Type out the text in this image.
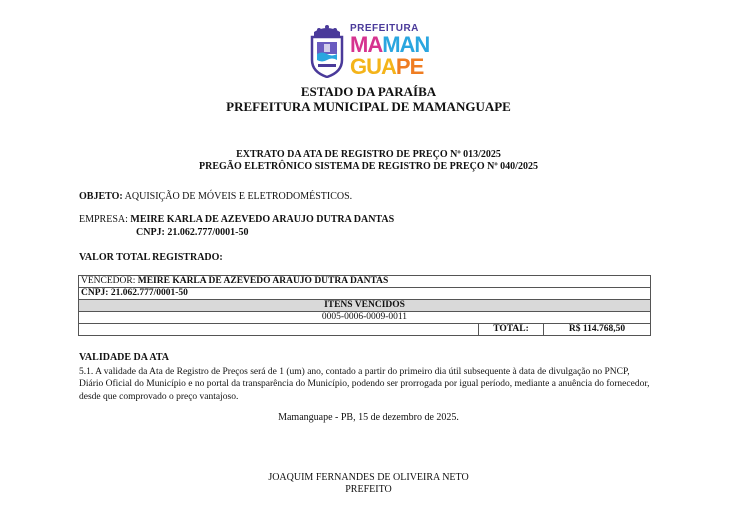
PREFEITURA
MAMAN
GUAPE
ESTADO DA PARAÍBA
PREFEITURA MUNICIPAL DE MAMANGUAPE
EXTRATO DA ATA DE REGISTRO DE PREÇO Nº 013/2025
PREGÃO ELETRÔNICO SISTEMA DE REGISTRO DE PREÇO Nº 040/2025
OBJETO: AQUISIÇÃO DE MÓVEIS E ELETRODOMÉSTICOS.
EMPRESA: MEIRE KARLA DE AZEVEDO ARAUJO DUTRA DANTAS
CNPJ: 21.062.777/0001-50
VALOR TOTAL REGISTRADO:
VENCEDOR: MEIRE KARLA DE AZEVEDO ARAUJO DUTRA DANTAS
CNPJ: 21.062.777/0001-50
ITENS VENCIDOS
0005-0006-0009-0011
	TOTAL:	R$ 114.768,50
VALIDADE DA ATA
5.1. A validade da Ata de Registro de Preços será de 1 (um) ano, contado a partir do primeiro dia útil subsequente à data de divulgação no PNCP, Diário Oficial do Município e no portal da transparência do Município, podendo ser prorrogada por igual período, mediante a anuência do fornecedor, desde que comprovado o preço vantajoso.
Mamanguape - PB, 15 de dezembro de 2025.
JOAQUIM FERNANDES DE OLIVEIRA NETO
PREFEITO
